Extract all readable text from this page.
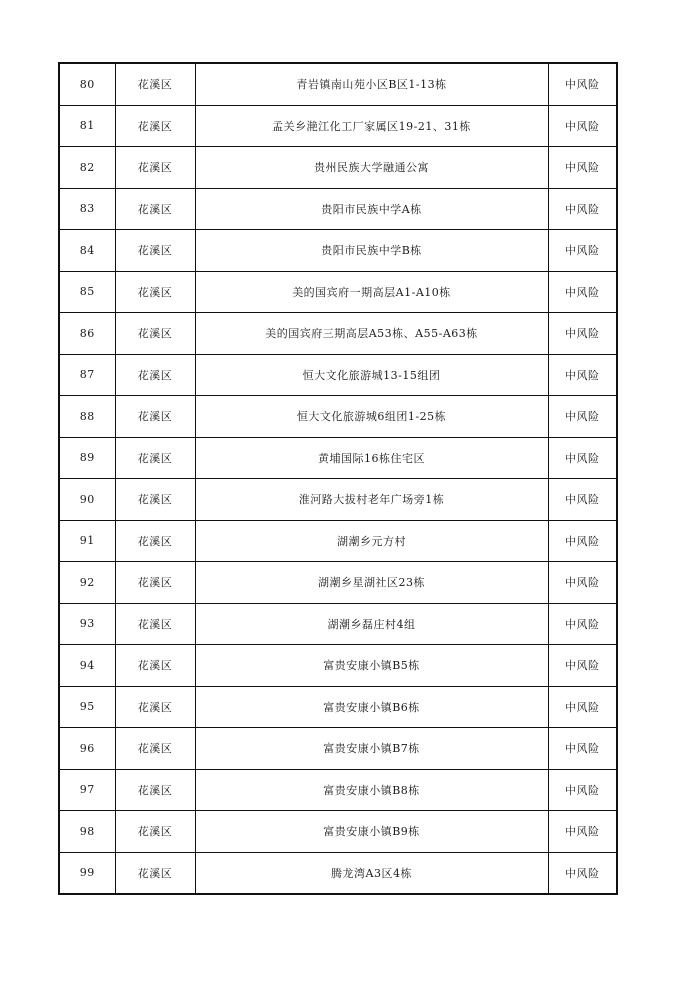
80	花溪区	青岩镇南山苑小区B区1-13栋	中风险
81	花溪区	孟关乡滟江化工厂家属区19-21、31栋	中风险
82	花溪区	贵州民族大学融通公寓	中风险
83	花溪区	贵阳市民族中学A栋	中风险
84	花溪区	贵阳市民族中学B栋	中风险
85	花溪区	美的国宾府一期高层A1-A10栋	中风险
86	花溪区	美的国宾府三期高层A53栋、A55-A63栋	中风险
87	花溪区	恒大文化旅游城13-15组团	中风险
88	花溪区	恒大文化旅游城6组团1-25栋	中风险
89	花溪区	黄埔国际16栋住宅区	中风险
90	花溪区	淮河路大拔村老年广场旁1栋	中风险
91	花溪区	湖潮乡元方村	中风险
92	花溪区	湖潮乡星湖社区23栋	中风险
93	花溪区	湖潮乡磊庄村4组	中风险
94	花溪区	富贵安康小镇B5栋	中风险
95	花溪区	富贵安康小镇B6栋	中风险
96	花溪区	富贵安康小镇B7栋	中风险
97	花溪区	富贵安康小镇B8栋	中风险
98	花溪区	富贵安康小镇B9栋	中风险
99	花溪区	腾龙湾A3区4栋	中风险
